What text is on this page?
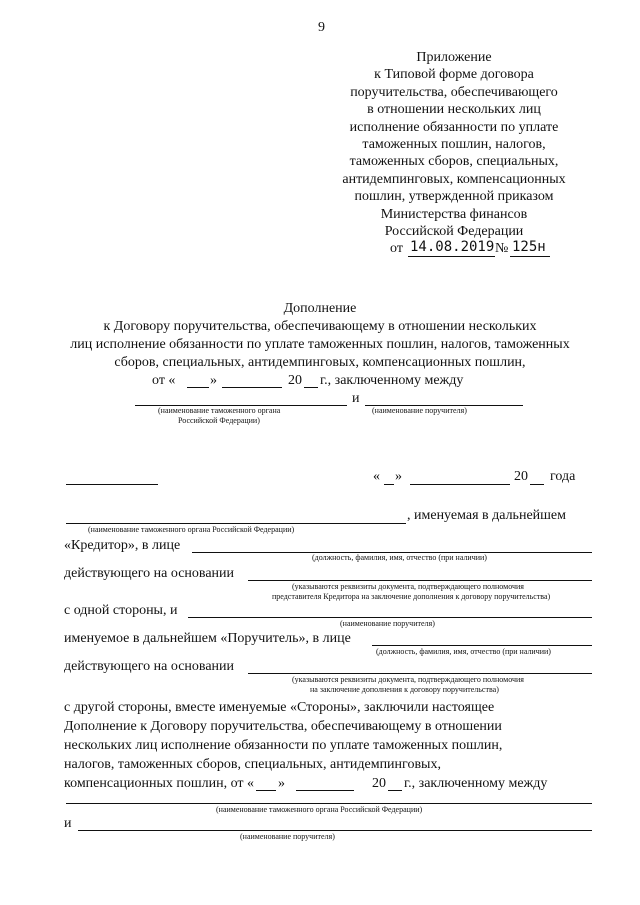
9
Приложение
к Типовой форме договора
поручительства, обеспечивающего
в отношении нескольких лиц
исполнение обязанности по уплате
таможенных пошлин, налогов,
таможенных сборов, специальных,
антидемпинговых, компенсационных
пошлин, утвержденной приказом
Министерства финансов
Российской Федерации
от 14.08.2019 № 125н
Дополнение
к Договору поручительства, обеспечивающему в отношении нескольких
лиц исполнение обязанности по уплате таможенных пошлин, налогов, таможенных
сборов, специальных, антидемпинговых, компенсационных пошлин,
от « »	20 г., заключенному между
и
(наименование таможенного органа
Российской Федерации)
(наименование поручителя)
« »	20 года
, именуемая в дальнейшем
(наименование таможенного органа Российской Федерации)
«Кредитор», в лице
(должность, фамилия, имя, отчество (при наличии)
действующего на основании
(указываются реквизиты документа, подтверждающего полномочия
представителя Кредитора на заключение дополнения к договору поручительства)
с одной стороны, и
(наименование поручителя)
именуемое в дальнейшем «Поручитель», в лице
(должность, фамилия, имя, отчество (при наличии)
действующего на основании
(указываются реквизиты документа, подтверждающего полномочия
на заключение дополнения к договору поручительства)
с другой стороны, вместе именуемые «Стороны», заключили настоящее
Дополнение к Договору поручительства, обеспечивающему в отношении
нескольких лиц исполнение обязанности по уплате таможенных пошлин,
налогов, таможенных сборов, специальных, антидемпинговых,
компенсационных пошлин, от « »	20 г., заключенному между
(наименование таможенного органа Российской Федерации)
и
(наименование поручителя)
